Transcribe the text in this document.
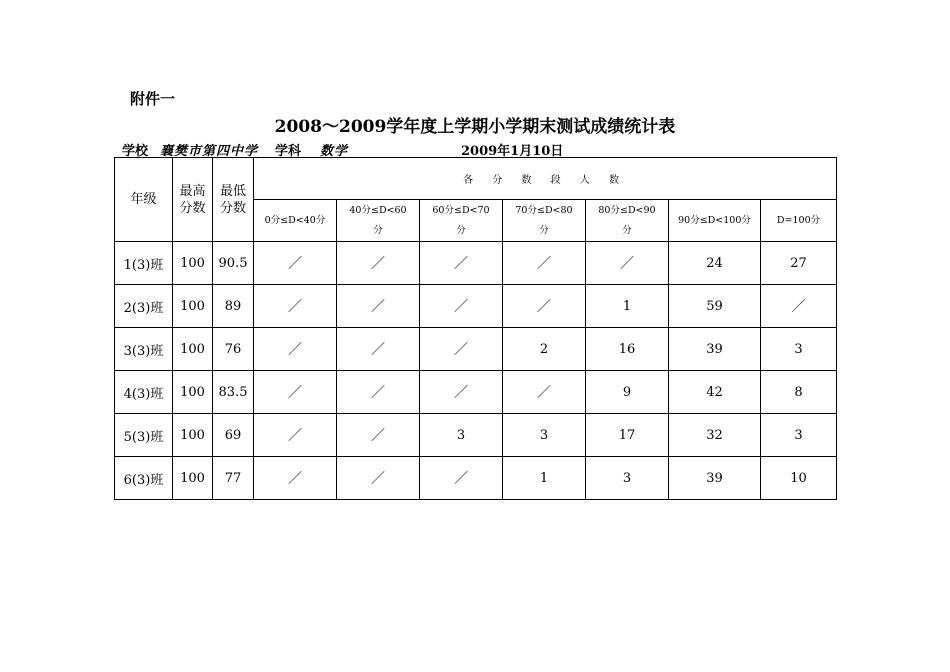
附件一
2008～2009学年度上学期小学期末测试成绩统计表
学校 襄樊市第四中学 学科 数学	2009年1月10日
年级	最高分数	最低分数	各 分 数 段 人 数						
			0分≤D<40分	40分≤D<60分	60分≤D<70分	70分≤D<80分	80分≤D<90分	90分≤D<100分	D=100分
1(3)班	100	90.5	／	／	／	／	／	24	27
2(3)班	100	89	／	／	／	／	1	59	／
3(3)班	100	76	／	／	／	2	16	39	3
4(3)班	100	83.5	／	／	／	／	9	42	8
5(3)班	100	69	／	／	3	3	17	32	3
6(3)班	100	77	／	／	／	1	3	39	10
